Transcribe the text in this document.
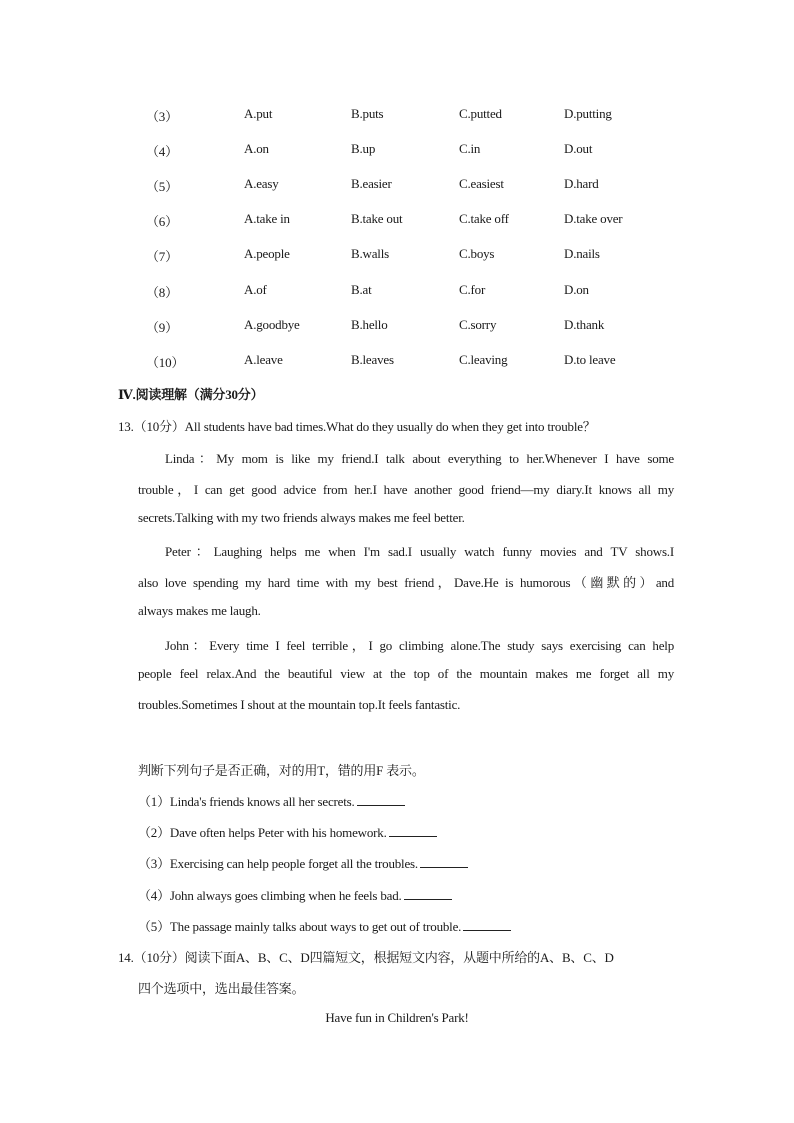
（3）	A.put	B.puts	C.putted	D.putting
（4）	A.on	B.up	C.in	D.out
（5）	A.easy	B.easier	C.easiest	D.hard
（6）	A.take in	B.take out	C.take off	D.take over
（7）	A.people	B.walls	C.boys	D.nails
（8）	A.of	B.at	C.for	D.on
（9）	A.goodbye	B.hello	C.sorry	D.thank
（10）	A.leave	B.leaves	C.leaving	D.to leave
Ⅳ.阅读理解（满分30分）
13.（10分）All students have bad times.What do they usually do when they get into trouble？
Linda：My mom is like my friend.I talk about everything to her.Whenever I have some
trouble，I can get good advice from her.I have another good friend—my diary.It knows all my
secrets.Talking with my two friends always makes me feel better.
Peter：Laughing helps me when I'm sad.I usually watch funny movies and TV shows.I
also love spending my hard time with my best friend，Dave.He is humorous（幽默的）and
always makes me laugh.
John：Every time I feel terrible，I go climbing alone.The study says exercising can help
people feel relax.And the beautiful view at the top of the mountain makes me forget all my
troubles.Sometimes I shout at the mountain top.It feels fantastic.
判断下列句子是否正确，对的用T，错的用F 表示。
（1）Linda's friends knows all her secrets.
（2）Dave often helps Peter with his homework.
（3）Exercising can help people forget all the troubles.
（4）John always goes climbing when he feels bad.
（5）The passage mainly talks about ways to get out of trouble.
14.（10分）阅读下面A、B、C、D四篇短文，根据短文内容，从题中所给的A、B、C、D
四个选项中，选出最佳答案。
Have fun in Children's Park!
